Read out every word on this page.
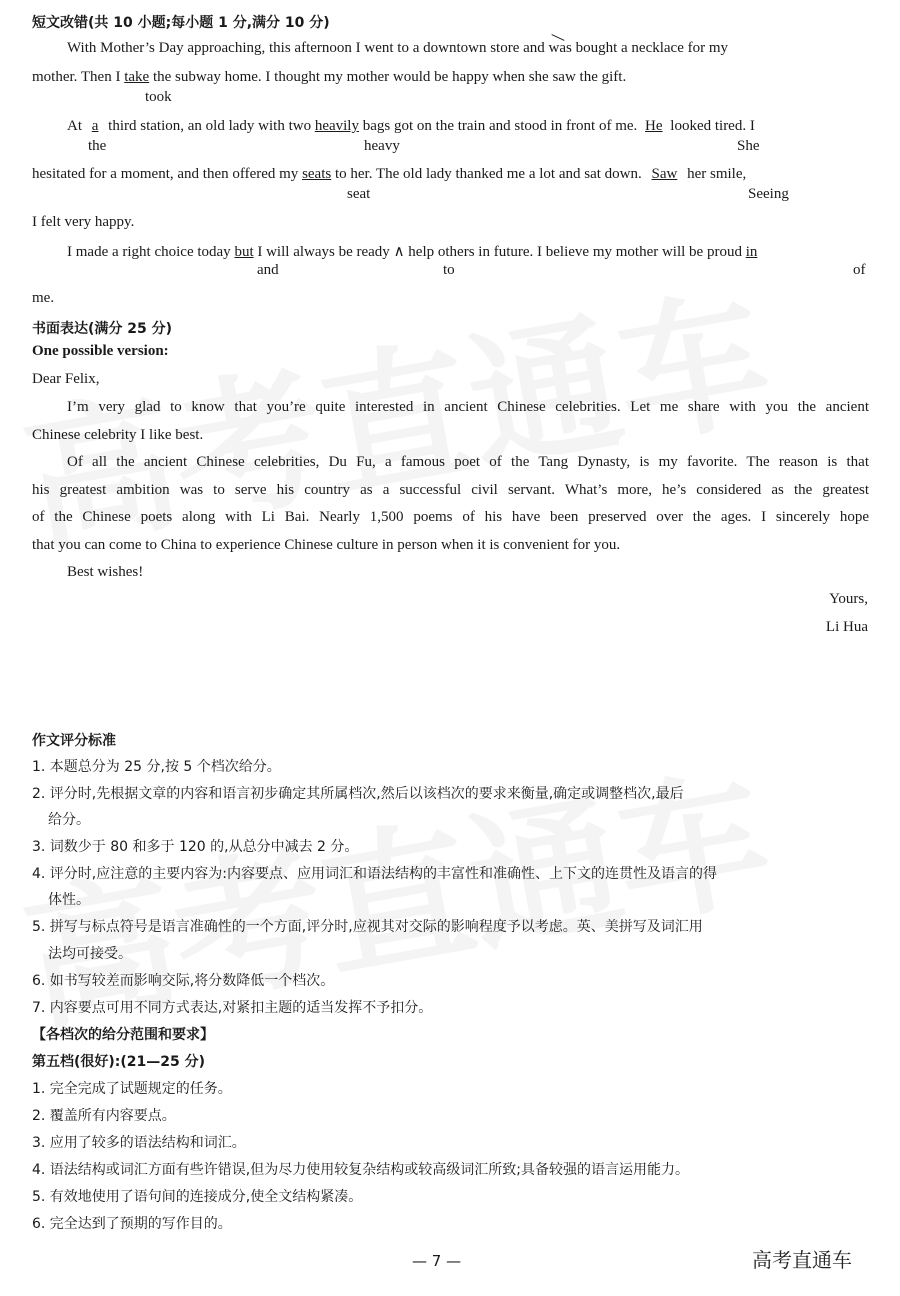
短文改错(共 10 小题;每小题 1 分,满分 10 分)
With Mother’s Day approaching, this afternoon I went to a downtown store and was bought a necklace for my
mother. Then I take the subway home. I thought my mother would be happy when she saw the gift.
took
At a third station, an old lady with two heavily bags got on the train and stood in front of me. He looked tired. I
the	heavy	She
hesitated for a moment, and then offered my seats to her. The old lady thanked me a lot and sat down. Saw her smile,
seat	Seeing
I felt very happy.
I made a right choice today but I will always be ready ∧ help others in future. I believe my mother will be proud in
and	to	of
me.
书面表达(满分 25 分)
One possible version:
Dear Felix,
I’m very glad to know that you’re quite interested in ancient Chinese celebrities. Let me share with you the ancient
Chinese celebrity I like best.
Of all the ancient Chinese celebrities, Du Fu, a famous poet of the Tang Dynasty, is my favorite. The reason is that
his greatest ambition was to serve his country as a successful civil servant. What’s more, he’s considered as the greatest
of the Chinese poets along with Li Bai. Nearly 1,500 poems of his have been preserved over the ages. I sincerely hope
that you can come to China to experience Chinese culture in person when it is convenient for you.
Best wishes!
Yours,
Li Hua
作文评分标准
1. 本题总分为 25 分,按 5 个档次给分。
2. 评分时,先根据文章的内容和语言初步确定其所属档次,然后以该档次的要求来衡量,确定或调整档次,最后
给分。
3. 词数少于 80 和多于 120 的,从总分中减去 2 分。
4. 评分时,应注意的主要内容为:内容要点、应用词汇和语法结构的丰富性和准确性、上下文的连贯性及语言的得
体性。
5. 拼写与标点符号是语言准确性的一个方面,评分时,应视其对交际的影响程度予以考虑。英、美拼写及词汇用
法均可接受。
6. 如书写较差而影响交际,将分数降低一个档次。
7. 内容要点可用不同方式表达,对紧扣主题的适当发挥不予扣分。
【各档次的给分范围和要求】
第五档(很好):(21—25 分)
1. 完全完成了试题规定的任务。
2. 覆盖所有内容要点。
3. 应用了较多的语法结构和词汇。
4. 语法结构或词汇方面有些许错误,但为尽力使用较复杂结构或较高级词汇所致;具备较强的语言运用能力。
5. 有效地使用了语句间的连接成分,使全文结构紧凑。
6. 完全达到了预期的写作目的。
— 7 —	高考直通车
